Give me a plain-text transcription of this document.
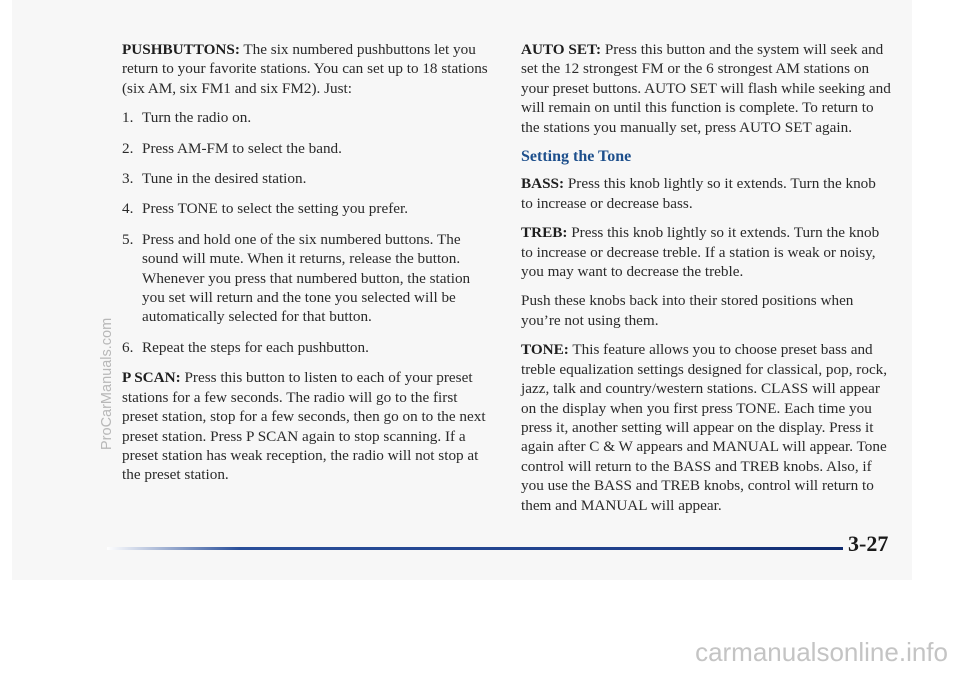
PUSHBUTTONS: The six numbered pushbuttons let you return to your favorite stations. You can set up to 18 stations (six AM, six FM1 and six FM2). Just:

1. Turn the radio on.
2. Press AM-FM to select the band.
3. Tune in the desired station.
4. Press TONE to select the setting you prefer.
5. Press and hold one of the six numbered buttons. The sound will mute. When it returns, release the button. Whenever you press that numbered button, the station you set will return and the tone you selected will be automatically selected for that button.
6. Repeat the steps for each pushbutton.

P SCAN: Press this button to listen to each of your preset stations for a few seconds. The radio will go to the first preset station, stop for a few seconds, then go on to the next preset station. Press P SCAN again to stop scanning. If a preset station has weak reception, the radio will not stop at the preset station.

AUTO SET: Press this button and the system will seek and set the 12 strongest FM or the 6 strongest AM stations on your preset buttons. AUTO SET will flash while seeking and will remain on until this function is complete. To return to the stations you manually set, press AUTO SET again.

Setting the Tone

BASS: Press this knob lightly so it extends. Turn the knob to increase or decrease bass.

TREB: Press this knob lightly so it extends. Turn the knob to increase or decrease treble. If a station is weak or noisy, you may want to decrease the treble.

Push these knobs back into their stored positions when you’re not using them.

TONE: This feature allows you to choose preset bass and treble equalization settings designed for classical, pop, rock, jazz, talk and country/western stations. CLASS will appear on the display when you first press TONE. Each time you press it, another setting will appear on the display. Press it again after C & W appears and MANUAL will appear. Tone control will return to the BASS and TREB knobs. Also, if you use the BASS and TREB knobs, control will return to them and MANUAL will appear.

3-27
ProCarManuals.com
carmanualsonline.info
